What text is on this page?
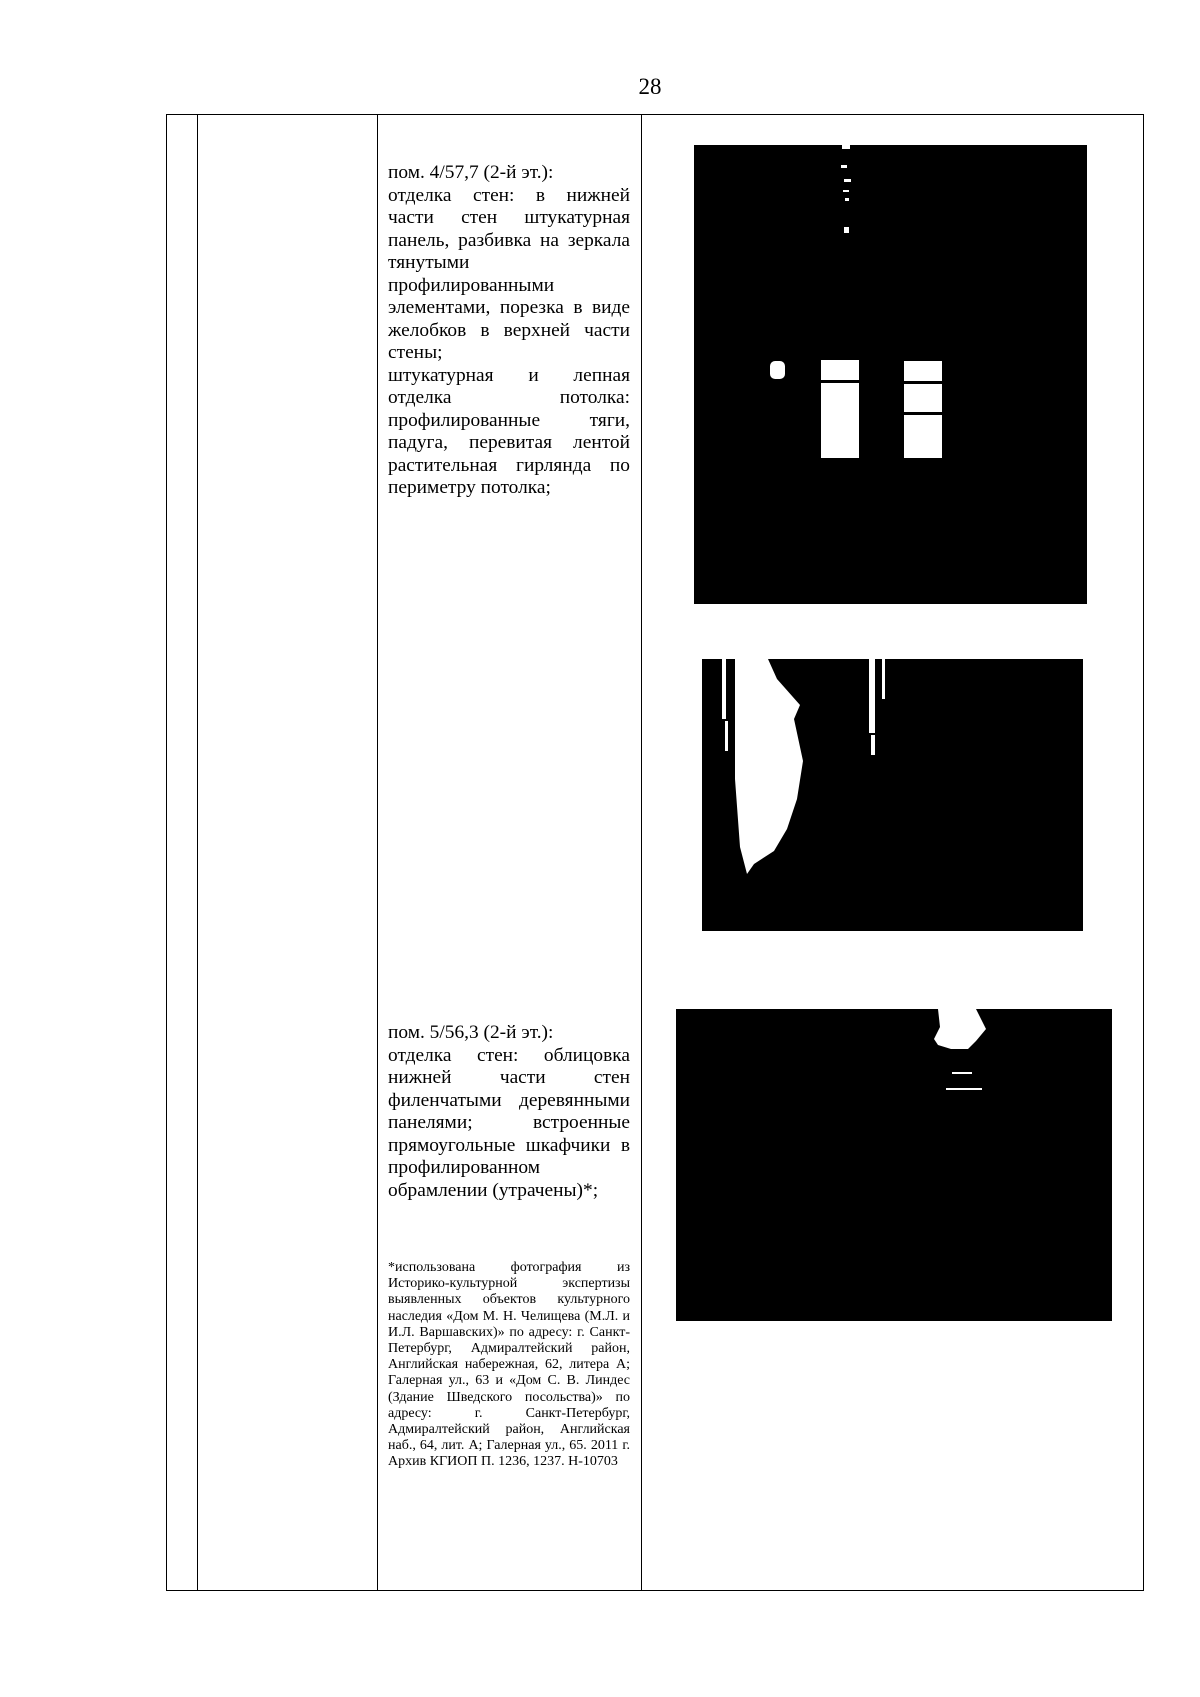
28

пом. 4/57,7 (2-й эт.):

отделка стен: в нижней части стен штукатурная панель, разбивка на зеркала тянутыми профилированными элементами, порезка в виде желобков в верхней части стены;

штукатурная и лепная отделка потолка: профилированные тяги, падуга, перевитая лентой растительная гирлянда по периметру потолка;

пом. 5/56,3 (2-й эт.):

отделка стен: облицовка нижней части стен филенчатыми деревянными панелями; встроенные прямоугольные шкафчики в профилированном обрамлении (утрачены)*;

*использована фотография из Историко-культурной экспертизы выявленных объектов культурного наследия «Дом М. Н. Челищева (М.Л. и И.Л. Варшавских)» по адресу: г. Санкт-Петербург, Адмиралтейский район, Английская набережная, 62, литера А; Галерная ул., 63 и «Дом С. В. Линдес (Здание Шведского посольства)» по адресу: г. Санкт-Петербург, Адмиралтейский район, Английская наб., 64, лит. А; Галерная ул., 65. 2011 г. Архив КГИОП П. 1236, 1237. Н-10703
